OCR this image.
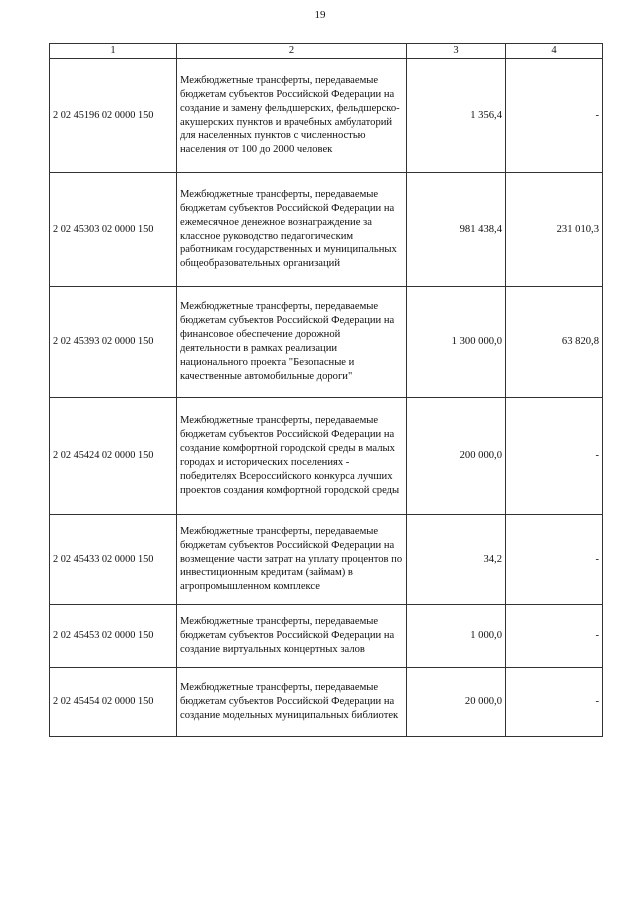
19
1	2	3	4
2 02 45196 02 0000 150	Межбюджетные трансферты, передаваемые бюджетам субъектов Российской Федерации на создание и замену фельдшерских, фельдшерско-акушерских пунктов и врачебных амбулаторий для населенных пунктов с численностью населения от 100 до 2000 человек	1 356,4	-
2 02 45303 02 0000 150	Межбюджетные трансферты, передаваемые бюджетам субъектов Российской Федерации на ежемесячное денежное вознаграждение за классное руководство педагогическим работникам государственных и муниципальных общеобразовательных организаций	981 438,4	231 010,3
2 02 45393 02 0000 150	Межбюджетные трансферты, передаваемые бюджетам субъектов Российской Федерации на финансовое обеспечение дорожной деятельности в рамках реализации национального проекта "Безопасные и качественные автомобильные дороги"	1 300 000,0	63 820,8
2 02 45424 02 0000 150	Межбюджетные трансферты, передаваемые бюджетам субъектов Российской Федерации на создание комфортной городской среды в малых городах и исторических поселениях - победителях Всероссийского конкурса лучших проектов создания комфортной городской среды	200 000,0	-
2 02 45433 02 0000 150	Межбюджетные трансферты, передаваемые бюджетам субъектов Российской Федерации на возмещение части затрат на уплату процентов по инвестиционным кредитам (займам) в агропромышленном комплексе	34,2	-
2 02 45453 02 0000 150	Межбюджетные трансферты, передаваемые бюджетам субъектов Российской Федерации на создание виртуальных концертных залов	1 000,0	-
2 02 45454 02 0000 150	Межбюджетные трансферты, передаваемые бюджетам субъектов Российской Федерации на создание модельных муниципальных библиотек	20 000,0	-
